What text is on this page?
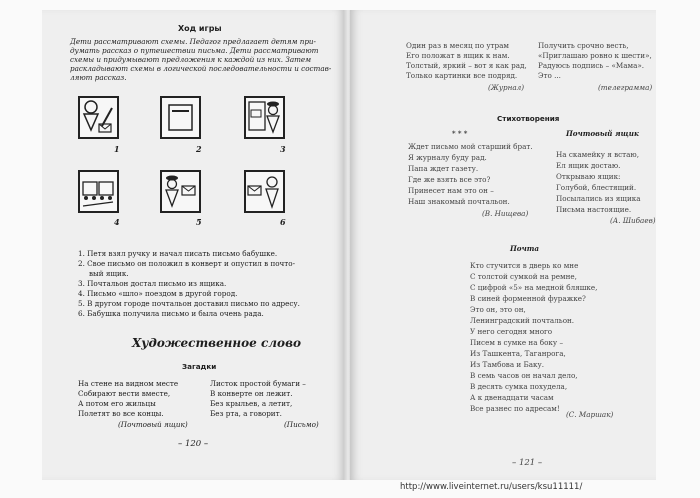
Ход игры
Дети рассматривают схемы. Педагог предлагает детям при-
думать рассказ о путешествии письма. Дети рассматривают
схемы и придумывают предложения к каждой из них. Затем
раскладывают схемы в логической последовательности и состав-
ляют рассказ.
1	2	3
4	5	6
1. Петя взял ручку и начал писать письмо бабушке.
2. Свое письмо он положил в конверт и опустил в почто-
вый ящик.
3. Почтальон достал письмо из ящика.
4. Письмо «шло» поездом в другой город.
5. В другом городе почтальон доставил письмо по адресу.
6. Бабушка получила письмо и была очень рада.
Художественное слово
Загадки
На стене на видном месте
Собирают вести вместе,
А потом его жильцы
Полетят во все концы.
(Почтовый ящик)
Листок простой бумаги –
В конверте он лежит.
Без крыльев, а летит,
Без рта, а говорит.
(Письмо)
– 120 –
Один раз в месяц по утрам
Его положат в ящик к нам.
Толстый, яркий – вот я как рад,
Только картинки все подряд.
(Журнал)
Получить срочно весть,
«Приглашаю ровно к шести»,
Радуюсь подпись – «Мама».
Это ...
(телеграмма)
Стихотворения
* * *	Почтовый ящик
Ждет письмо мой старший брат.
Я журналу буду рад.
Папа ждет газету.
Где же взять все это?
Принесет нам это он –
Наш знакомый почтальон.
(В. Нищева)
На скамейку я встаю,
Ел ящик достаю.
Открываю ящик:
Голубой, блестящий.
Посылались из ящика
Письма настоящие.
(А. Шибаев)
Почта
Кто стучится в дверь ко мне
С толстой сумкой на ремне,
С цифрой «5» на медной бляшке,
В синей форменной фуражке?
Это он, это он,
Ленинградский почтальон.
У него сегодня много
Писем в сумке на боку –
Из Ташкента, Таганрога,
Из Тамбова и Баку.
В семь часов он начал дело,
В десять сумка похудела,
А к двенадцати часам
Все разнес по адресам!
(С. Маршак)
– 121 –
http://www.liveinternet.ru/users/ksu11111/
